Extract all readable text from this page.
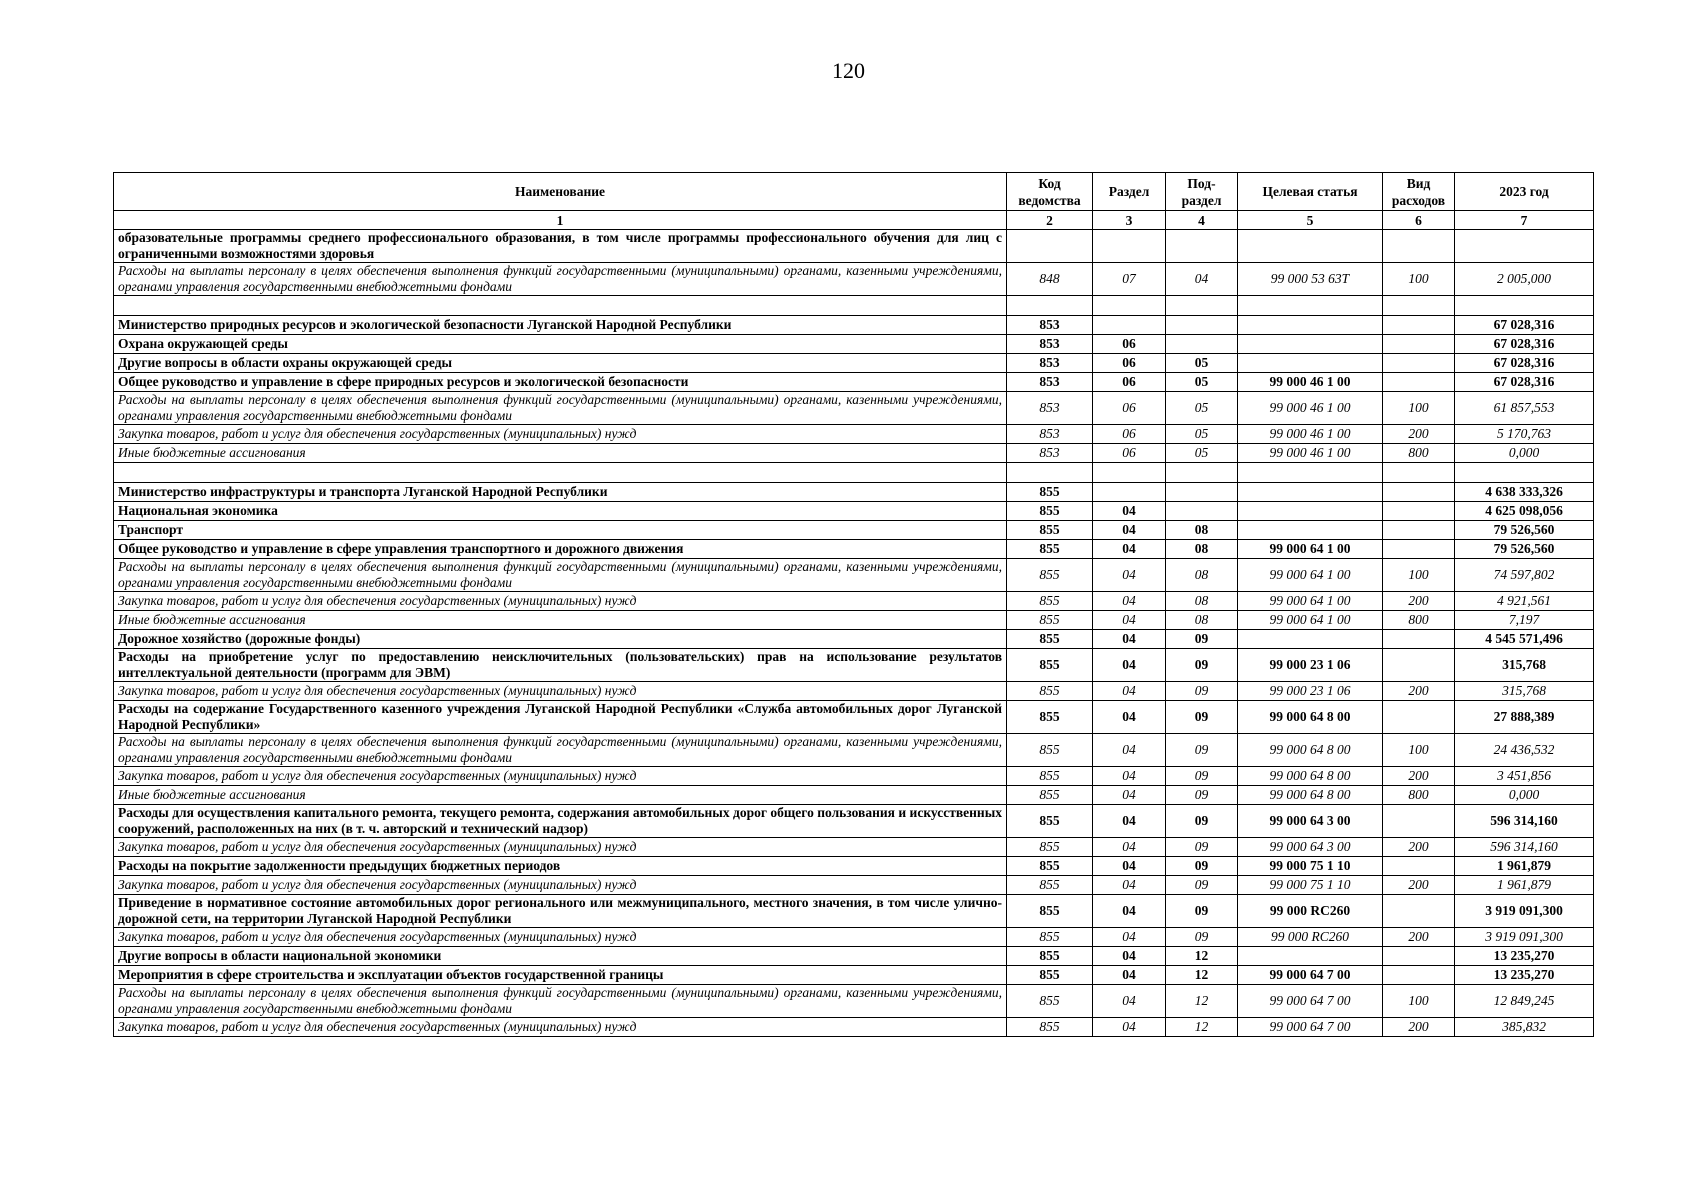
120
Наименование	Код ведомства	Раздел	Под-раздел	Целевая статья	Вид расходов	2023 год
1	2	3	4	5	6	7
образовательные программы среднего профессионального образования, в том числе программы профессионального обучения для лиц с ограниченными возможностями здоровья						
Расходы на выплаты персоналу в целях обеспечения выполнения функций государственными (муниципальными) органами, казенными учреждениями, органами управления государственными внебюджетными фондами	848	07	04	99 000 53 63Т	100	2 005,000

Министерство природных ресурсов и экологической безопасности Луганской Народной Республики	853					67 028,316
Охрана окружающей среды	853	06				67 028,316
Другие вопросы в области охраны окружающей среды	853	06	05			67 028,316
Общее руководство и управление в сфере природных ресурсов и экологической безопасности	853	06	05	99 000 46 1 00		67 028,316
Расходы на выплаты персоналу в целях обеспечения выполнения функций государственными (муниципальными) органами, казенными учреждениями, органами управления государственными внебюджетными фондами	853	06	05	99 000 46 1 00	100	61 857,553
Закупка товаров, работ и услуг для обеспечения государственных (муниципальных) нужд	853	06	05	99 000 46 1 00	200	5 170,763
Иные бюджетные ассигнования	853	06	05	99 000 46 1 00	800	0,000

Министерство инфраструктуры и транспорта Луганской Народной Республики	855					4 638 333,326
Национальная экономика	855	04				4 625 098,056
Транспорт	855	04	08			79 526,560
Общее руководство и управление в сфере управления транспортного и дорожного движения	855	04	08	99 000 64 1 00		79 526,560
Расходы на выплаты персоналу в целях обеспечения выполнения функций государственными (муниципальными) органами, казенными учреждениями, органами управления государственными внебюджетными фондами	855	04	08	99 000 64 1 00	100	74 597,802
Закупка товаров, работ и услуг для обеспечения государственных (муниципальных) нужд	855	04	08	99 000 64 1 00	200	4 921,561
Иные бюджетные ассигнования	855	04	08	99 000 64 1 00	800	7,197
Дорожное хозяйство (дорожные фонды)	855	04	09			4 545 571,496
Расходы на приобретение услуг по предоставлению неисключительных (пользовательских) прав на использование результатов интеллектуальной деятельности (программ для ЭВМ)	855	04	09	99 000 23 1 06		315,768
Закупка товаров, работ и услуг для обеспечения государственных (муниципальных) нужд	855	04	09	99 000 23 1 06	200	315,768
Расходы на содержание Государственного казенного учреждения Луганской Народной Республики «Служба автомобильных дорог Луганской Народной Республики»	855	04	09	99 000 64 8 00		27 888,389
Расходы на выплаты персоналу в целях обеспечения выполнения функций государственными (муниципальными) органами, казенными учреждениями, органами управления государственными внебюджетными фондами	855	04	09	99 000 64 8 00	100	24 436,532
Закупка товаров, работ и услуг для обеспечения государственных (муниципальных) нужд	855	04	09	99 000 64 8 00	200	3 451,856
Иные бюджетные ассигнования	855	04	09	99 000 64 8 00	800	0,000
Расходы для осуществления капитального ремонта, текущего ремонта, содержания автомобильных дорог общего пользования и искусственных сооружений, расположенных на них (в т. ч. авторский и технический надзор)	855	04	09	99 000 64 3 00		596 314,160
Закупка товаров, работ и услуг для обеспечения государственных (муниципальных) нужд	855	04	09	99 000 64 3 00	200	596 314,160
Расходы на покрытие задолженности предыдущих бюджетных периодов	855	04	09	99 000 75 1 10		1 961,879
Закупка товаров, работ и услуг для обеспечения государственных (муниципальных) нужд	855	04	09	99 000 75 1 10	200	1 961,879
Приведение в нормативное состояние автомобильных дорог регионального или межмуниципального, местного значения, в том числе улично-дорожной сети, на территории Луганской Народной Республики	855	04	09	99 000 RC260		3 919 091,300
Закупка товаров, работ и услуг для обеспечения государственных (муниципальных) нужд	855	04	09	99 000 RC260	200	3 919 091,300
Другие вопросы в области национальной экономики	855	04	12			13 235,270
Мероприятия в сфере строительства и эксплуатации объектов государственной границы	855	04	12	99 000 64 7 00		13 235,270
Расходы на выплаты персоналу в целях обеспечения выполнения функций государственными (муниципальными) органами, казенными учреждениями, органами управления государственными внебюджетными фондами	855	04	12	99 000 64 7 00	100	12 849,245
Закупка товаров, работ и услуг для обеспечения государственных (муниципальных) нужд	855	04	12	99 000 64 7 00	200	385,832
